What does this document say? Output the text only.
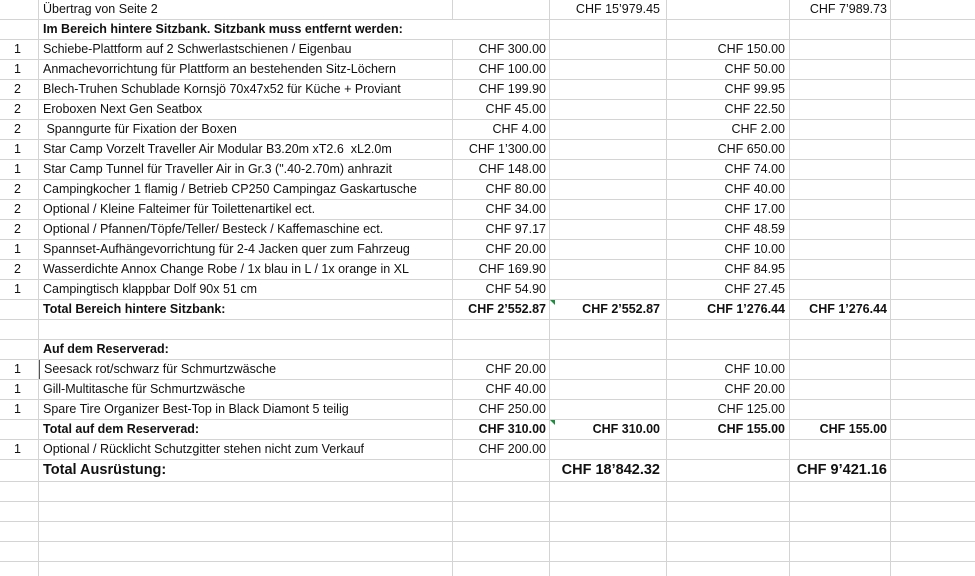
Übertrag von Seite 2	CHF 15’979.45	CHF 7’989.73
Im Bereich hintere Sitzbank. Sitzbank muss entfernt werden:
1	Schiebe-Plattform auf 2 Schwerlastschienen / Eigenbau	CHF 300.00	CHF 150.00
1	Anmachevorrichtung für Plattform an bestehenden Sitz-Löchern	CHF 100.00	CHF 50.00
2	Blech-Truhen Schublade Kornsjö 70x47x52 für Küche + Proviant	CHF 199.90	CHF 99.95
2	Eroboxen Next Gen Seatbox	CHF 45.00	CHF 22.50
2	Spanngurte für Fixation der Boxen	CHF 4.00	CHF 2.00
1	Star Camp Vorzelt Traveller Air Modular B3.20m xT2.6  xL2.0m	CHF 1’300.00	CHF 650.00
1	Star Camp Tunnel für Traveller Air in Gr.3 (".40-2.70m) anhrazit	CHF 148.00	CHF 74.00
2	Campingkocher 1 flamig / Betrieb CP250 Campingaz Gaskartusche	CHF 80.00	CHF 40.00
2	Optional / Kleine Falteimer für Toilettenartikel ect.	CHF 34.00	CHF 17.00
2	Optional / Pfannen/Töpfe/Teller/ Besteck / Kaffemaschine ect.	CHF 97.17	CHF 48.59
1	Spannset-Aufhängevorrichtung für 2-4 Jacken quer zum Fahrzeug	CHF 20.00	CHF 10.00
2	Wasserdichte Annox Change Robe / 1x blau in L / 1x orange in XL	CHF 169.90	CHF 84.95
1	Campingtisch klappbar Dolf 90x 51 cm	CHF 54.90	CHF 27.45
Total Bereich hintere Sitzbank:	CHF 2’552.87	CHF 2’552.87	CHF 1’276.44	CHF 1’276.44
Auf dem Reserverad:
1	Seesack rot/schwarz für Schmurtzwäsche	CHF 20.00	CHF 10.00
1	Gill-Multitasche für Schmurtzwäsche	CHF 40.00	CHF 20.00
1	Spare Tire Organizer Best-Top in Black Diamont 5 teilig	CHF 250.00	CHF 125.00
Total auf dem Reserverad:	CHF 310.00	CHF 310.00	CHF 155.00	CHF 155.00
1	Optional / Rücklicht Schutzgitter stehen nicht zum Verkauf	CHF 200.00
Total Ausrüstung:	CHF 18’842.32	CHF 9’421.16
